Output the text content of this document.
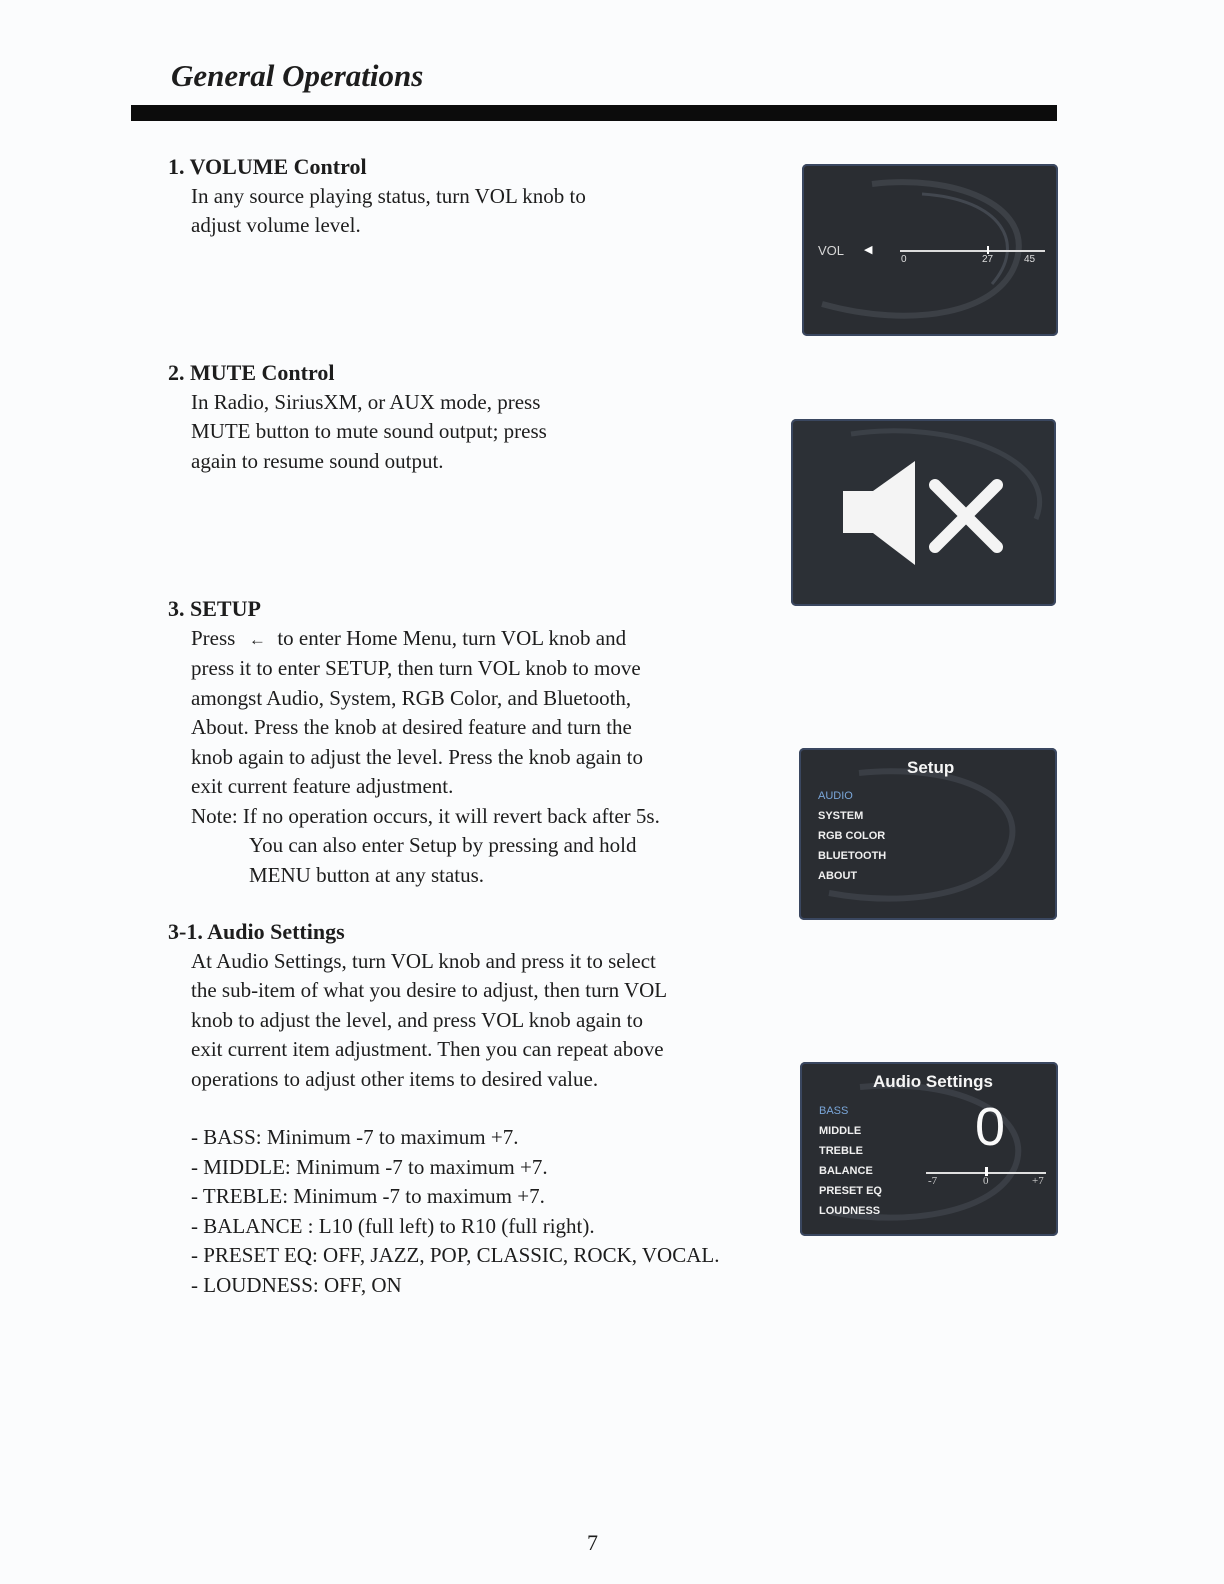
General Operations
1. VOLUME Control

In any source playing status, turn VOL knob to

adjust volume level.

2. MUTE Control

In Radio, SiriusXM, or AUX mode, press

MUTE button to mute sound output; press

again to resume sound output.

3. SETUP

Press ← to enter Home Menu, turn VOL knob and

press it to enter SETUP, then turn VOL knob to move

amongst Audio, System, RGB Color, and Bluetooth,

About. Press the knob at desired feature and turn the

knob again to adjust the level. Press the knob again to

exit current feature adjustment.

Note: If no operation occurs, it will revert back after 5s.

You can also enter Setup by pressing and hold

MENU button at any status.

3-1. Audio Settings

At Audio Settings, turn VOL knob and press it to select

the sub-item of what you desire to adjust, then turn VOL

knob to adjust the level, and press VOL knob again to

exit current item adjustment. Then you can repeat above

operations to adjust other items to desired value.

- BASS: Minimum -7 to maximum +7.

- MIDDLE: Minimum -7 to maximum +7.

- TREBLE: Minimum -7 to maximum +7.

- BALANCE : L10 (full left) to R10 (full right).

- PRESET EQ: OFF, JAZZ, POP, CLASSIC, ROCK, VOCAL.

- LOUDNESS: OFF, ON

VOL ◀
0	27	45
Setup
AUDIO
SYSTEM
RGB COLOR
BLUETOOTH
ABOUT
Audio Settings
BASS
MIDDLE
TREBLE
BALANCE
PRESET EQ
LOUDNESS
0
-7	0	+7
7
